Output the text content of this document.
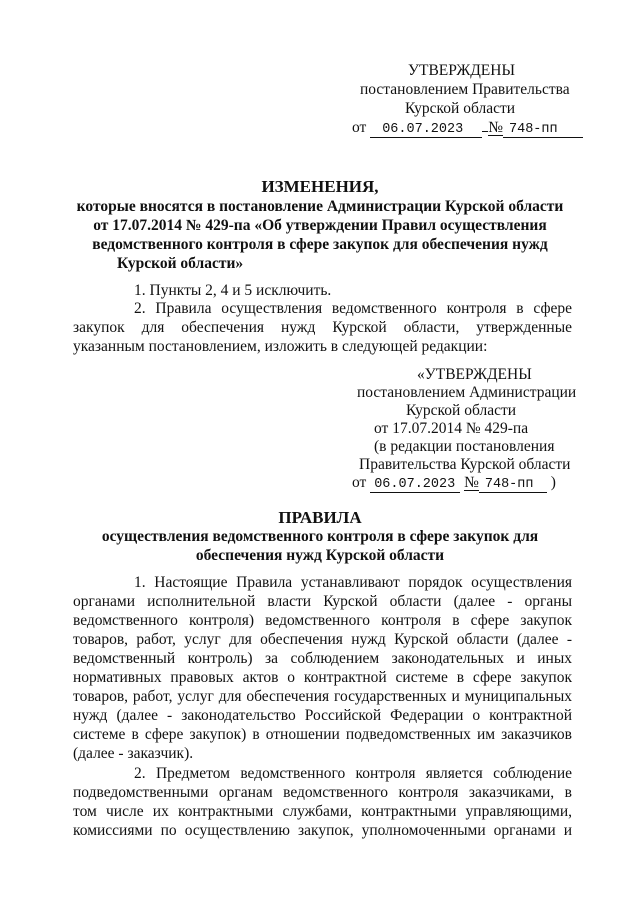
УТВЕРЖДЕНЫ
постановлением Правительства
Курской области
от 06.07.2023 № 748-пп
ИЗМЕНЕНИЯ,
которые вносятся в постановление Администрации Курской области
от 17.07.2014 № 429-па «Об утверждении Правил осуществления
ведомственного контроля в сфере закупок для обеспечения нужд
Курской области»
1. Пункты 2, 4 и 5 исключить.
2. Правила осуществления ведомственного контроля в сфере
закупок для обеспечения нужд Курской области, утвержденные
указанным постановлением, изложить в следующей редакции:
«УТВЕРЖДЕНЫ
постановлением Администрации
Курской области
от 17.07.2014 № 429-па
(в редакции постановления
Правительства Курской области
от 06.07.2023 № 748-пп )
ПРАВИЛА
осуществления ведомственного контроля в сфере закупок для
обеспечения нужд Курской области
1. Настоящие Правила устанавливают порядок осуществления
органами исполнительной власти Курской области (далее - органы
ведомственного контроля) ведомственного контроля в сфере закупок
товаров, работ, услуг для обеспечения нужд Курской области (далее -
ведомственный контроль) за соблюдением законодательных и иных
нормативных правовых актов о контрактной системе в сфере закупок
товаров, работ, услуг для обеспечения государственных и муниципальных
нужд (далее - законодательство Российской Федерации о контрактной
системе в сфере закупок) в отношении подведомственных им заказчиков
(далее - заказчик).
2. Предметом ведомственного контроля является соблюдение
подведомственными органам ведомственного контроля заказчиками, в
том числе их контрактными службами, контрактными управляющими,
комиссиями по осуществлению закупок, уполномоченными органами и
